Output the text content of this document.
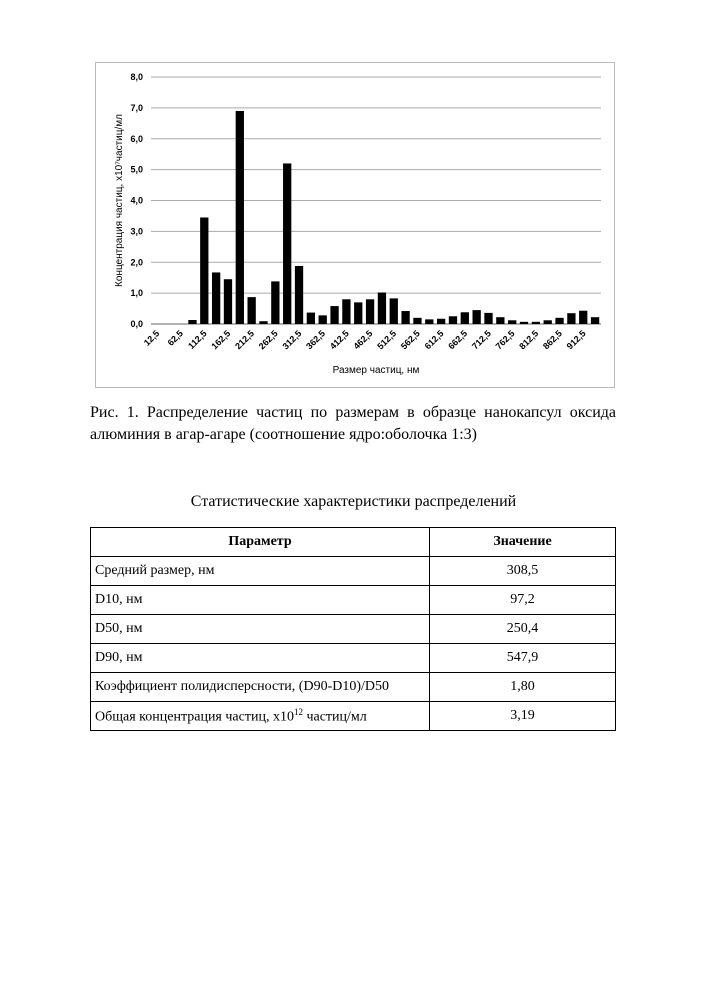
0,0
1,0
2,0
3,0
4,0
5,0
6,0
7,0
8,0
12,5 62,5 112,5 162,5 212,5 262,5 312,5 362,5 412,5 462,5 512,5 562,5 612,5 662,5 712,5 762,5 812,5 862,5 912,5
Размер частиц, нм
Концентрация частиц, x10⁷частиц/мл
Рис. 1. Распределение частиц по размерам в образце нанокапсул оксида алюминия в агар-агаре (соотношение ядро:оболочка 1:3)
Статистические характеристики распределений
Параметр	Значение
Средний размер, нм	308,5
D10, нм	97,2
D50, нм	250,4
D90, нм	547,9
Коэффициент полидисперсности, (D90-D10)/D50	1,80
Общая концентрация частиц, x1012 частиц/мл	3,19
